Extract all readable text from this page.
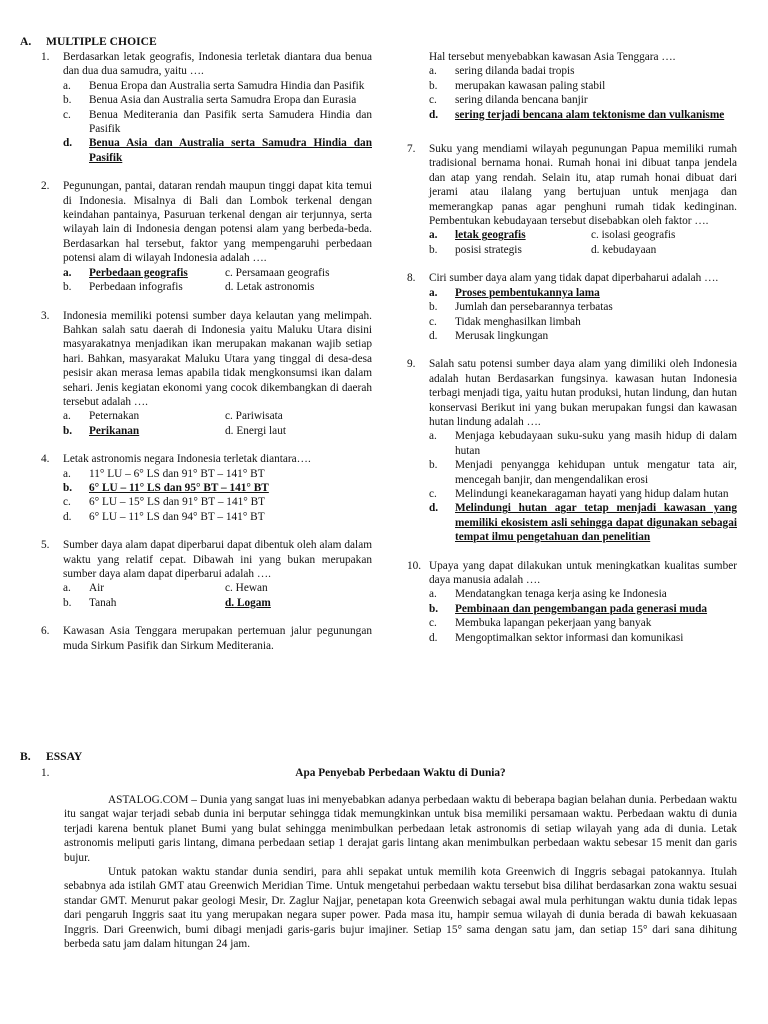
A. MULTIPLE CHOICE
1. Berdasarkan letak geografis, Indonesia terletak diantara dua benua dan dua dua samudra, yaitu ….
a. Benua Eropa dan Australia serta Samudra Hindia dan Pasifik
b. Benua Asia dan Australia serta Samudra Eropa dan Eurasia
c. Benua Mediterania dan Pasifik serta Samudera Hindia dan Pasifik
d. Benua Asia dan Australia serta Samudra Hindia dan Pasifik
2. Pegunungan, pantai, dataran rendah maupun tinggi dapat kita temui di Indonesia. Misalnya di Bali dan Lombok terkenal dengan keindahan pantainya, Pasuruan terkenal dengan air terjunnya, serta wilayah lain di Indonesia dengan potensi alam yang berbeda-beda. Berdasarkan hal tersebut, faktor yang mempengaruhi perbedaan potensi alam di wilayah Indonesia adalah ….
a. Perbedaan geografis	c. Persamaan geografis
b. Perbedaan infografis	d. Letak astronomis
3. Indonesia memiliki potensi sumber daya kelautan yang melimpah. Bahkan salah satu daerah di Indonesia yaitu Maluku Utara disini masyarakatnya menjadikan ikan merupakan makanan wajib setiap hari. Bahkan, masyarakat Maluku Utara yang tinggal di desa-desa pesisir akan merasa lemas apabila tidak mengkonsumsi ikan dalam sehari. Jenis kegiatan ekonomi yang cocok dikembangkan di daerah tersebut adalah ….
a. Peternakan	c. Pariwisata
b. Perikanan	d. Energi laut
4. Letak astronomis negara Indonesia terletak diantara….
a. 11° LU – 6° LS dan 91° BT – 141° BT
b. 6° LU – 11° LS dan 95° BT – 141° BT
c. 6° LU – 15° LS dan 91° BT – 141° BT
d. 6° LU – 11° LS dan 94° BT – 141° BT
5. Sumber daya alam dapat diperbarui dapat dibentuk oleh alam dalam waktu yang relatif cepat. Dibawah ini yang bukan merupakan sumber daya alam dapat diperbarui adalah ….
a. Air	c. Hewan
b. Tanah	d. Logam
6. Kawasan Asia Tenggara merupakan pertemuan jalur pegunungan muda Sirkum Pasifik dan Sirkum Mediterania.
Hal tersebut menyebabkan kawasan Asia Tenggara ….
a. sering dilanda badai tropis
b. merupakan kawasan paling stabil
c. sering dilanda bencana banjir
d. sering terjadi bencana alam tektonisme dan vulkanisme
7. Suku yang mendiami wilayah pegunungan Papua memiliki rumah tradisional bernama honai. Rumah honai ini dibuat tanpa jendela dan atap yang rendah. Selain itu, atap rumah honai dibuat dari jerami atau ilalang yang bertujuan untuk menjaga dan memerangkap panas agar penghuni rumah tidak kedinginan. Pembentukan kebudayaan tersebut disebabkan oleh faktor ….
a. letak geografis	c. isolasi geografis
b. posisi strategis	d. kebudayaan
8. Ciri sumber daya alam yang tidak dapat diperbaharui adalah ….
a. Proses pembentukannya lama
b. Jumlah dan persebarannya terbatas
c. Tidak menghasilkan limbah
d. Merusak lingkungan
9. Salah satu potensi sumber daya alam yang dimiliki oleh Indonesia adalah hutan Berdasarkan fungsinya. kawasan hutan Indonesia terbagi menjadi tiga, yaitu hutan produksi, hutan lindung, dan hutan konservasi Berikut ini yang bukan merupakan fungsi dan kawasan hutan lindung adalah ….
a. Menjaga kebudayaan suku-suku yang masih hidup di dalam hutan
b. Menjadi penyangga kehidupan untuk mengatur tata air, mencegah banjir, dan mengendalikan erosi
c. Melindungi keanekaragaman hayati yang hidup dalam hutan
d. Melindungi hutan agar tetap menjadi kawasan yang memiliki ekosistem asli sehingga dapat digunakan sebagai tempat ilmu pengetahuan dan penelitian
10. Upaya yang dapat dilakukan untuk meningkatkan kualitas sumber daya manusia adalah ….
a. Mendatangkan tenaga kerja asing ke Indonesia
b. Pembinaan dan pengembangan pada generasi muda
c. Membuka lapangan pekerjaan yang banyak
d. Mengoptimalkan sektor informasi dan komunikasi
B. ESSAY
1.	Apa Penyebab Perbedaan Waktu di Dunia?

ASTALOG.COM – Dunia yang sangat luas ini menyebabkan adanya perbedaan waktu di beberapa bagian belahan dunia. Perbedaan waktu itu sangat wajar terjadi sebab dunia ini berputar sehingga tidak memungkinkan untuk bisa memiliki persamaan waktu. Perbedaan waktu di dunia terjadi karena bentuk planet Bumi yang bulat sehingga menimbulkan perbedaan letak astronomis di setiap wilayah yang ada di dunia. Letak astronomis meliputi garis lintang, dimana perbedaan setiap 1 derajat garis lintang akan menimbulkan perbedaan waktu sebesar 15 menit dan garis bujur.

Untuk patokan waktu standar dunia sendiri, para ahli sepakat untuk memilih kota Greenwich di Inggris sebagai patokannya. Itulah sebabnya ada istilah GMT atau Greenwich Meridian Time. Untuk mengetahui perbedaan waktu tersebut bisa dilihat berdasarkan zona waktu sesuai standar GMT. Menurut pakar geologi Mesir, Dr. Zaglur Najjar, penetapan kota Greenwich sebagai awal mula perhitungan waktu dunia tidak lepas dari pengaruh Inggris saat itu yang merupakan negara super power. Pada masa itu, hampir semua wilayah di dunia berada di bawah kekuasaan Inggris. Dari Greenwich, bumi dibagi menjadi garis-garis bujur imajiner. Setiap 15° sama dengan satu jam, dan setiap 15° dari sana dihitung berbeda satu jam dalam hitungan 24 jam.
